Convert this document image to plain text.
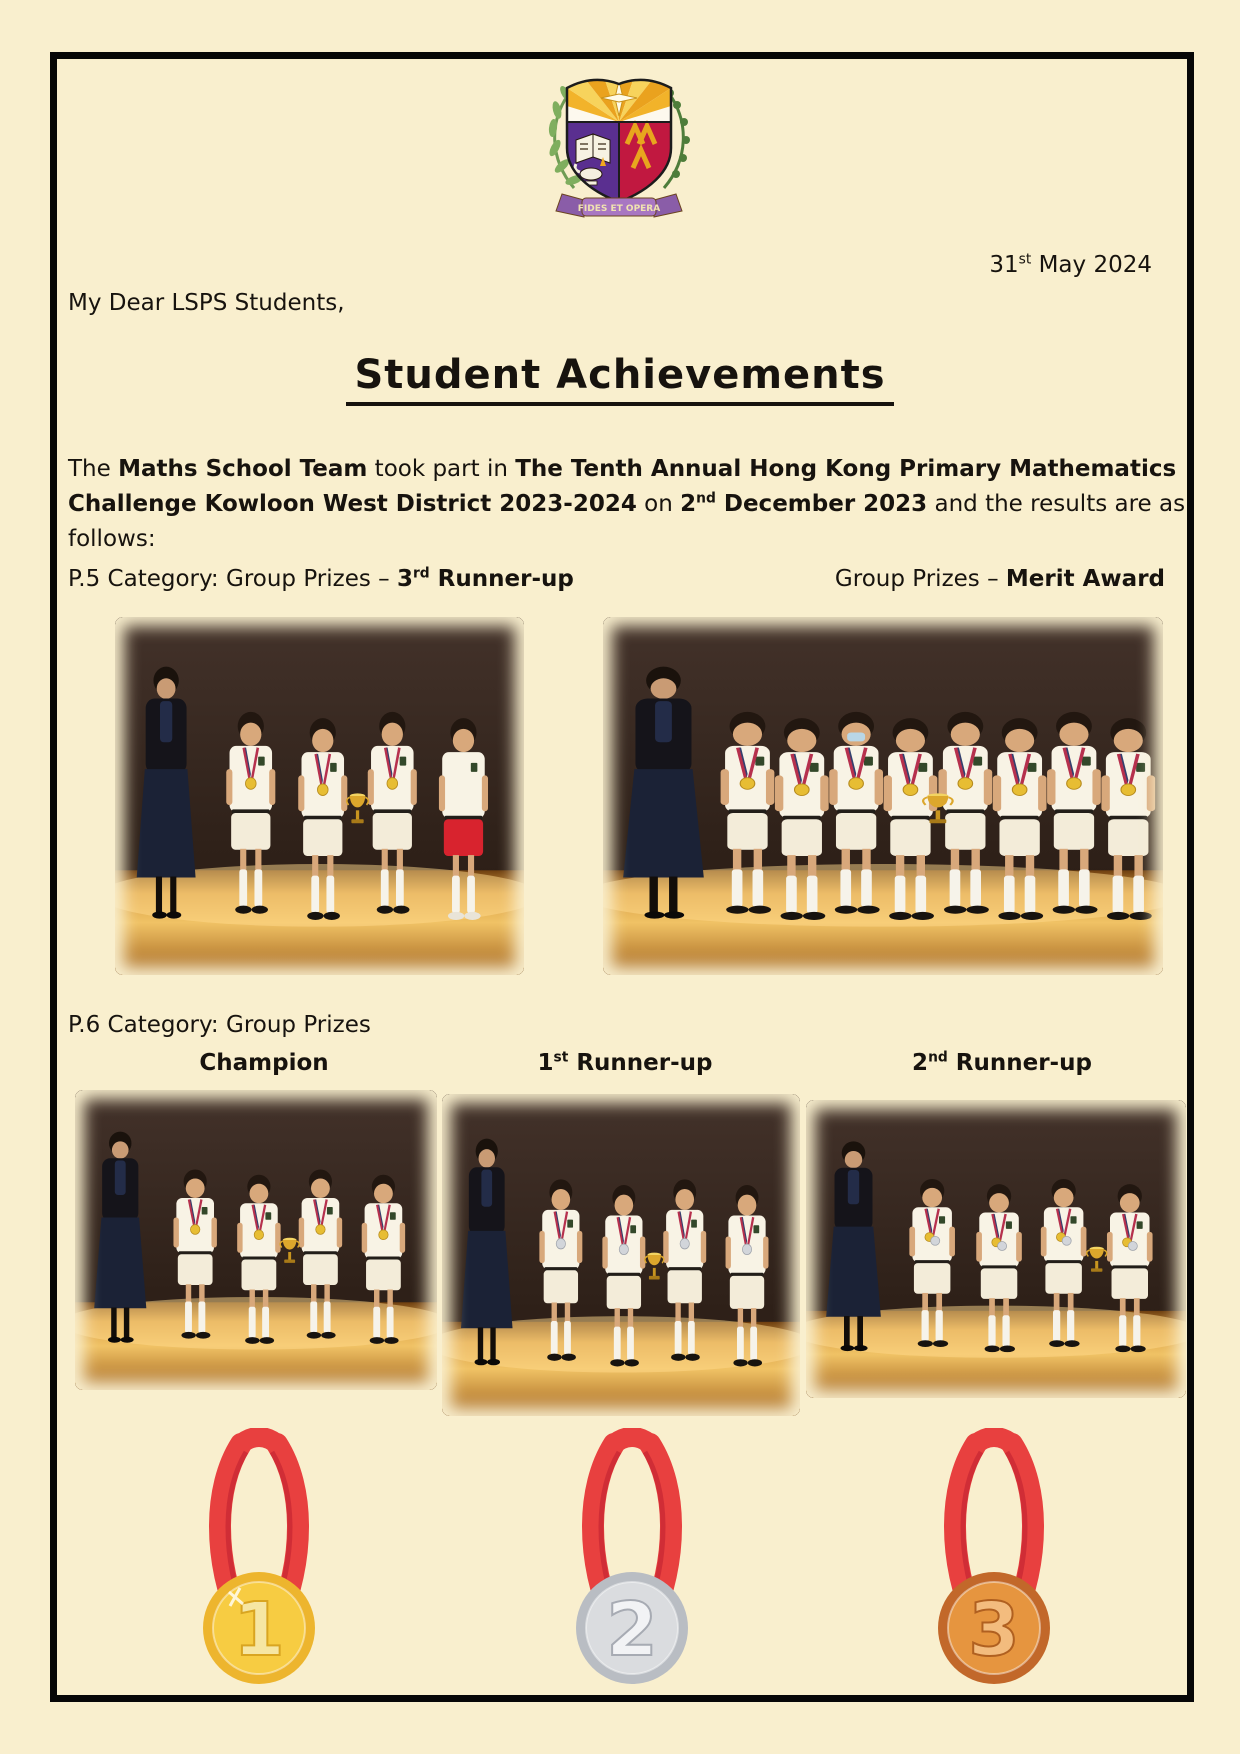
FIDES ET OPERA
31st May 2024
My Dear LSPS Students,
Student Achievements
The Maths School Team took part in The Tenth Annual Hong Kong Primary Mathematics
Challenge Kowloon West District 2023-2024 on 2nd December 2023 and the results are as
follows:
P.5 Category: Group Prizes – 3rd Runner-up	Group Prizes – Merit Award
P.6 Category: Group Prizes
Champion	1st Runner-up	2nd Runner-up
1	2	3
